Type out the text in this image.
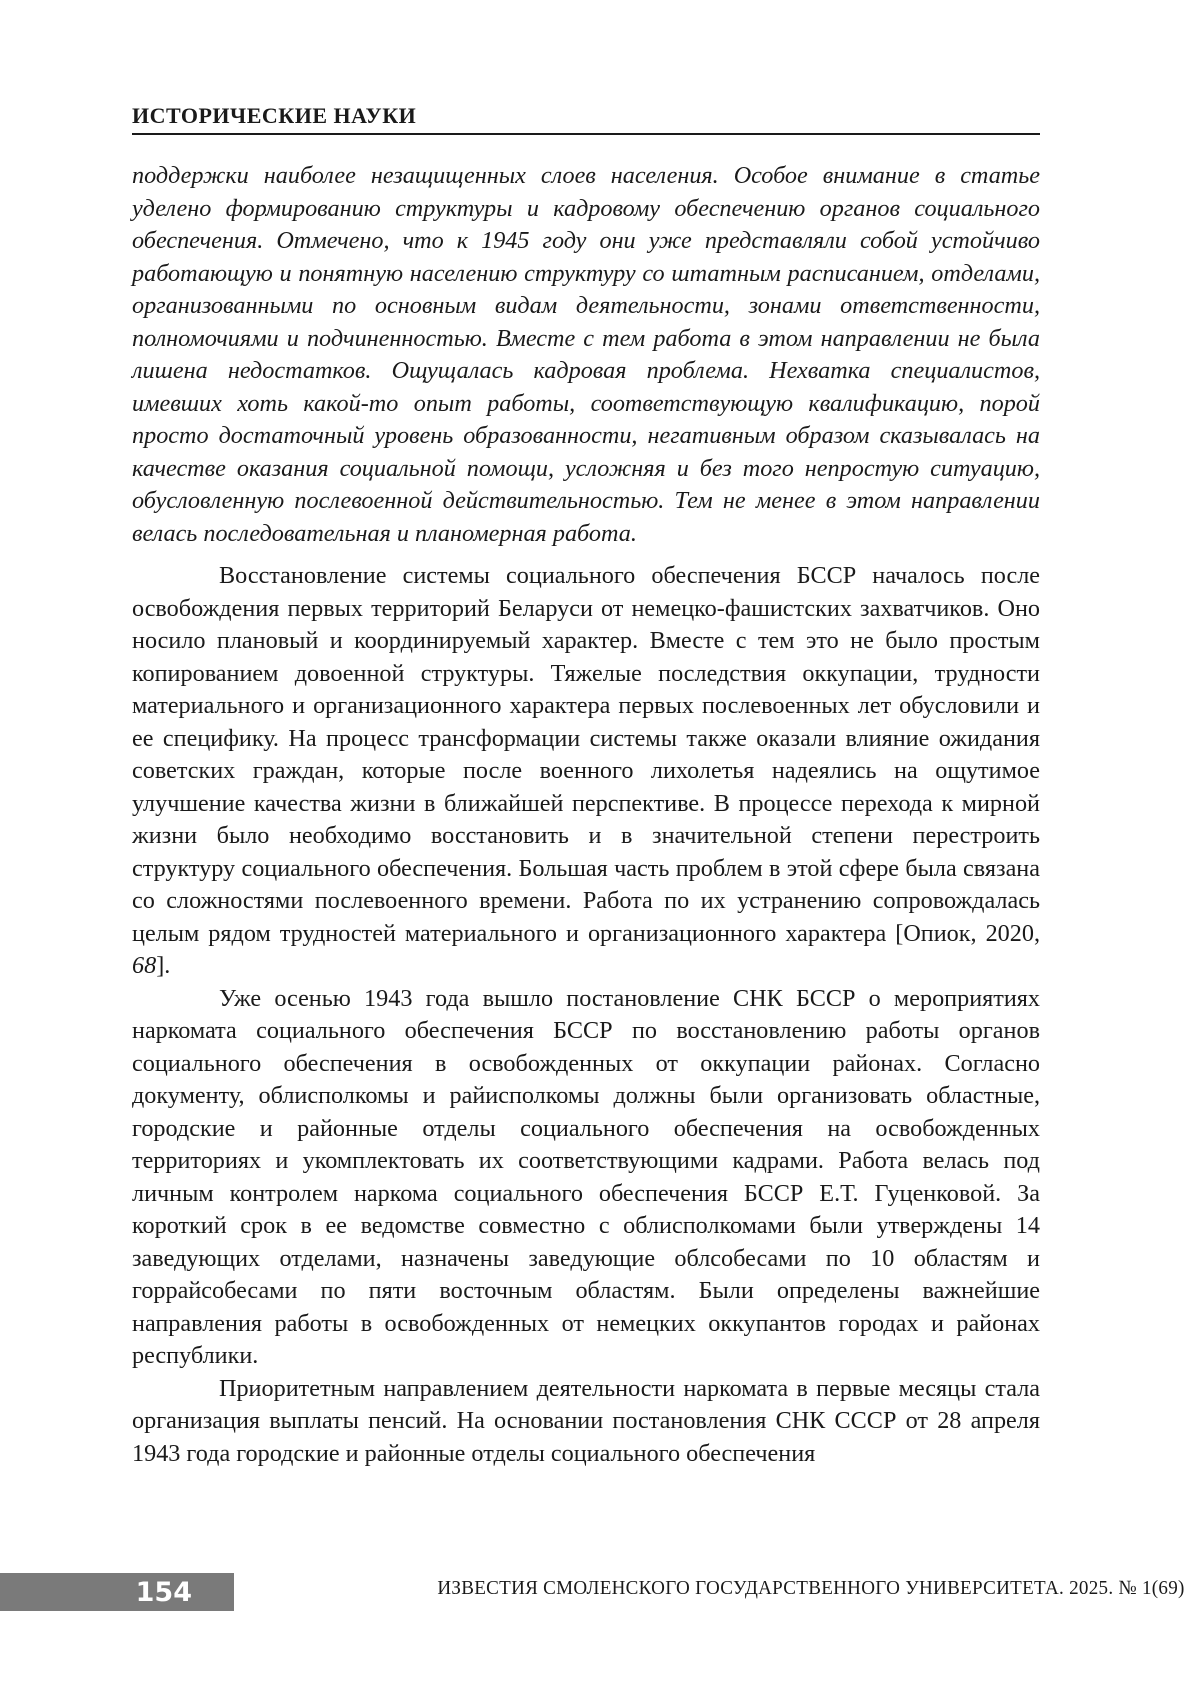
ИСТОРИЧЕСКИЕ НАУКИ

поддержки наиболее незащищенных слоев населения. Особое внимание в статье уделено формированию структуры и кадровому обеспечению органов социального обеспечения. Отмечено, что к 1945 году они уже представляли собой устойчиво работающую и понятную населению структуру со штатным расписанием, отделами, организованными по основным видам деятельности, зонами ответственности, полномочиями и подчиненностью. Вместе с тем работа в этом направлении не была лишена недостатков. Ощущалась кадровая проблема. Нехватка специалистов, имевших хоть какой-то опыт работы, соответствующую квалификацию, порой просто достаточный уровень образованности, негативным образом сказывалась на качестве оказания социальной помощи, усложняя и без того непростую ситуацию, обусловленную послевоенной действительностью. Тем не менее в этом направлении велась последовательная и планомерная работа.

Восстановление системы социального обеспечения БССР началось после освобождения первых территорий Беларуси от немецко-фашистских захватчиков. Оно носило плановый и координируемый характер. Вместе с тем это не было простым копированием довоенной структуры. Тяжелые последствия оккупации, трудности материального и организационного характера первых послевоенных лет обусловили и ее специфику. На процесс трансформации системы также оказали влияние ожидания советских граждан, которые после военного лихолетья надеялись на ощутимое улучшение качества жизни в ближайшей перспективе. В процессе перехода к мирной жизни было необходимо восстановить и в значительной степени перестроить структуру социального обеспечения. Большая часть проблем в этой сфере была связана со сложностями послевоенного времени. Работа по их устранению сопровождалась целым рядом трудностей материального и организационного характера [Опиок, 2020, 68].

Уже осенью 1943 года вышло постановление СНК БССР о мероприятиях наркомата социального обеспечения БССР по восстановлению работы органов социального обеспечения в освобожденных от оккупации районах. Согласно документу, облисполкомы и райисполкомы должны были организовать областные, городские и районные отделы социального обеспечения на освобожденных территориях и укомплектовать их соответствующими кадрами. Работа велась под личным контролем наркома социального обеспечения БССР Е.Т. Гуценковой. За короткий срок в ее ведомстве совместно с облисполкомами были утверждены 14 заведующих отделами, назначены заведующие облсобесами по 10 областям и горрайсобесами по пяти восточным областям. Были определены важнейшие направления работы в освобожденных от немецких оккупантов городах и районах республики.

Приоритетным направлением деятельности наркомата в первые месяцы стала организация выплаты пенсий. На основании постановления СНК СССР от 28 апреля 1943 года городские и районные отделы социального обеспечения

154	ИЗВЕСТИЯ СМОЛЕНСКОГО ГОСУДАРСТВЕННОГО УНИВЕРСИТЕТА. 2025. № 1(69)
